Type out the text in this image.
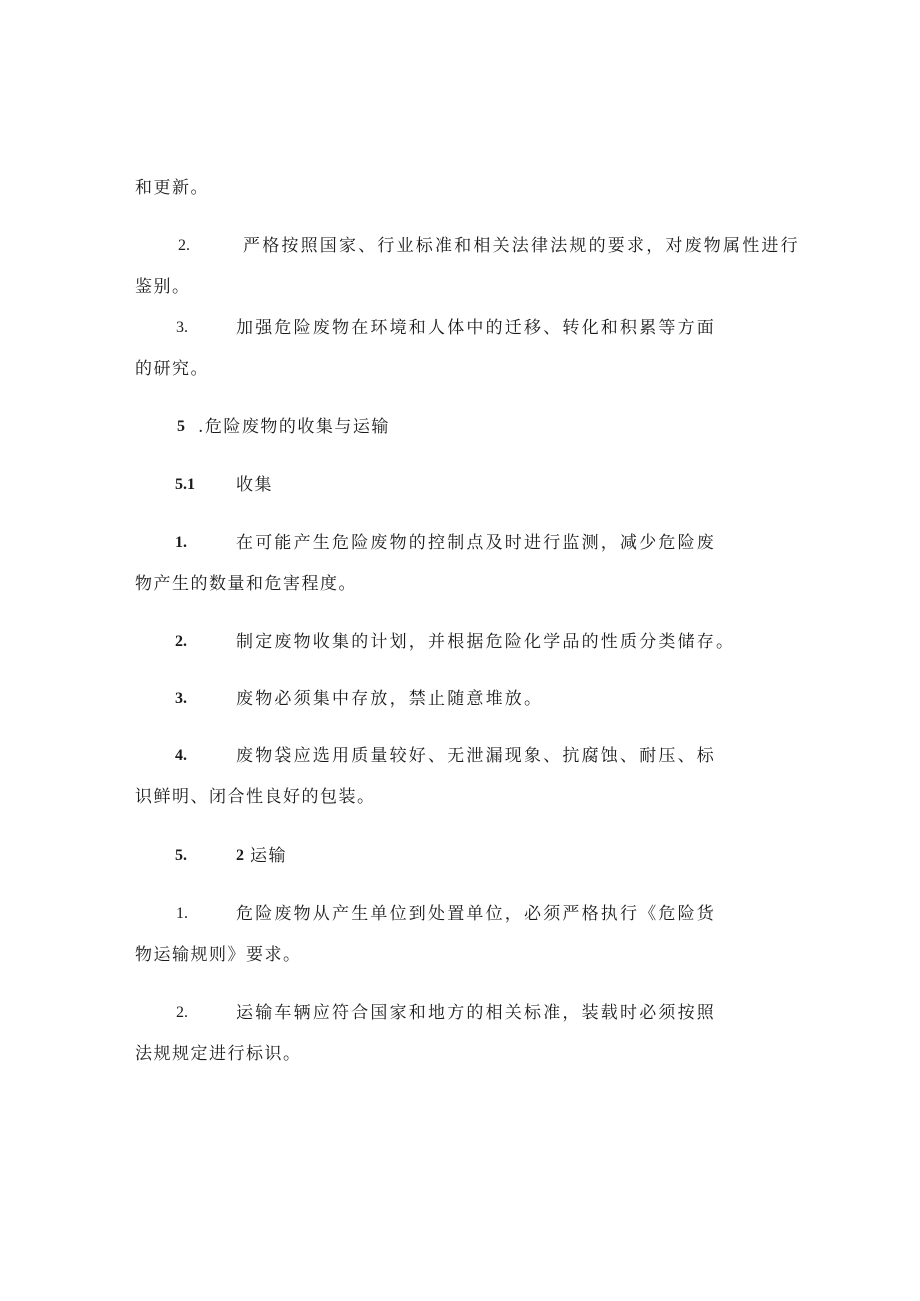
和更新。
2.	严格按照国家、行业标准和相关法律法规的要求，对废物属性进行
鉴别。
3.	加强危险废物在环境和人体中的迁移、转化和积累等方面
的研究。
5 .危险废物的收集与运输
5.1 收集
1.	在可能产生危险废物的控制点及时进行监测，减少危险废
物产生的数量和危害程度。
2.	制定废物收集的计划，并根据危险化学品的性质分类储存。
3.	废物必须集中存放，禁止随意堆放。
4.	废物袋应选用质量较好、无泄漏现象、抗腐蚀、耐压、标
识鲜明、闭合性良好的包装。
5.	2 运输
1.	危险废物从产生单位到处置单位，必须严格执行《危险货
物运输规则》要求。
2.	运输车辆应符合国家和地方的相关标准，装载时必须按照
法规规定进行标识。
